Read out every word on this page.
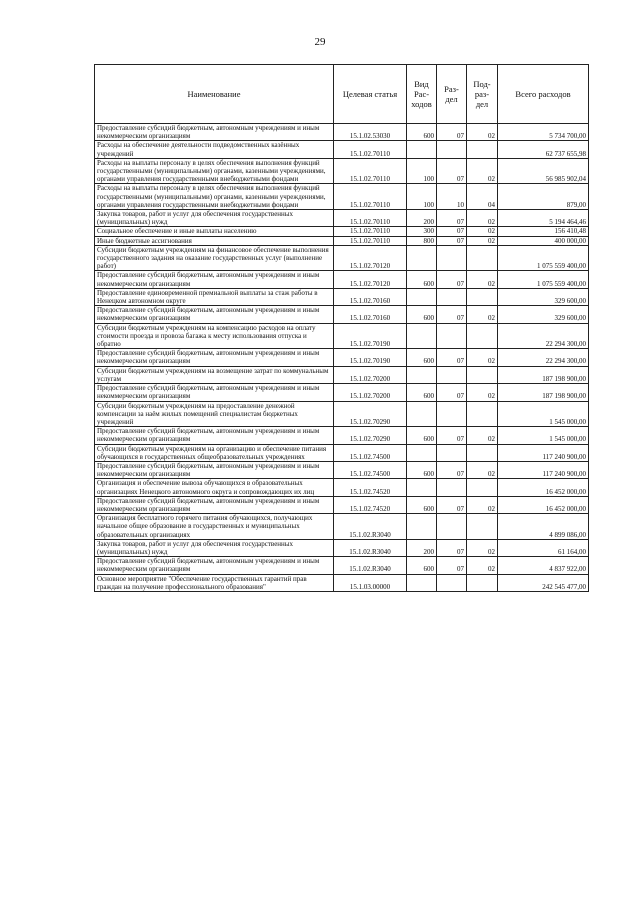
29
Наименование	Целевая статья	Вид Рас-ходов	Раз-дел	Под-раз-дел	Всего расходов
Предоставление субсидий бюджетным, автономным учреждениям и иным некоммерческим организациям	15.1.02.53030	600	07	02	5 734 700,00
Расходы на обеспечение деятельности подведомственных казённых учреждений	15.1.02.70110				62 737 655,98
Расходы на выплаты персоналу в целях обеспечения выполнения функций государственными (муниципальными) органами, казенными учреждениями, органами управления государственными внебюджетными фондами	15.1.02.70110	100	07	02	56 985 902,04
Расходы на выплаты персоналу в целях обеспечения выполнения функций государственными (муниципальными) органами, казенными учреждениями, органами управления государственными внебюджетными фондами	15.1.02.70110	100	10	04	879,00
Закупка товаров, работ и услуг для обеспечения государственных (муниципальных) нужд	15.1.02.70110	200	07	02	5 194 464,46
Социальное обеспечение и иные выплаты населению	15.1.02.70110	300	07	02	156 410,48
Иные бюджетные ассигнования	15.1.02.70110	800	07	02	400 000,00
Субсидии бюджетным учреждениям на финансовое обеспечение выполнения государственного задания на оказание государственных услуг (выполнение работ)	15.1.02.70120				1 075 559 400,00
Предоставление субсидий бюджетным, автономным учреждениям и иным некоммерческим организациям	15.1.02.70120	600	07	02	1 075 559 400,00
Предоставление единовременной премиальной выплаты за стаж работы в Ненецком автономном округе	15.1.02.70160				329 600,00
Предоставление субсидий бюджетным, автономным учреждениям и иным некоммерческим организациям	15.1.02.70160	600	07	02	329 600,00
Субсидии бюджетным учреждениям на компенсацию расходов на оплату стоимости проезда и провоза багажа к месту использования отпуска и обратно	15.1.02.70190				22 294 300,00
Предоставление субсидий бюджетным, автономным учреждениям и иным некоммерческим организациям	15.1.02.70190	600	07	02	22 294 300,00
Субсидии бюджетным учреждениям на возмещение затрат по коммунальным услугам	15.1.02.70200				187 198 900,00
Предоставление субсидий бюджетным, автономным учреждениям и иным некоммерческим организациям	15.1.02.70200	600	07	02	187 198 900,00
Субсидии бюджетным учреждениям на предоставление денежной компенсации за наём жилых помещений специалистам бюджетных учреждений	15.1.02.70290				1 545 000,00
Предоставление субсидий бюджетным, автономным учреждениям и иным некоммерческим организациям	15.1.02.70290	600	07	02	1 545 000,00
Субсидии бюджетным учреждениям на организацию и обеспечение питания обучающихся в государственных общеобразовательных учреждениях	15.1.02.74500				117 240 900,00
Предоставление субсидий бюджетным, автономным учреждениям и иным некоммерческим организациям	15.1.02.74500	600	07	02	117 240 900,00
Организация и обеспечение вывоза обучающихся в образовательных организациях Ненецкого автономного округа и сопровождающих их лиц	15.1.02.74520				16 452 000,00
Предоставление субсидий бюджетным, автономным учреждениям и иным некоммерческим организациям	15.1.02.74520	600	07	02	16 452 000,00
Организация бесплатного горячего питания обучающихся, получающих начальное общее образование в государственных и муниципальных образовательных организациях	15.1.02.R3040				4 899 086,00
Закупка товаров, работ и услуг для обеспечения государственных (муниципальных) нужд	15.1.02.R3040	200	07	02	61 164,00
Предоставление субсидий бюджетным, автономным учреждениям и иным некоммерческим организациям	15.1.02.R3040	600	07	02	4 837 922,00
Основное мероприятие "Обеспечение государственных гарантий прав граждан на получение профессионального образования"	15.1.03.00000				242 545 477,00
